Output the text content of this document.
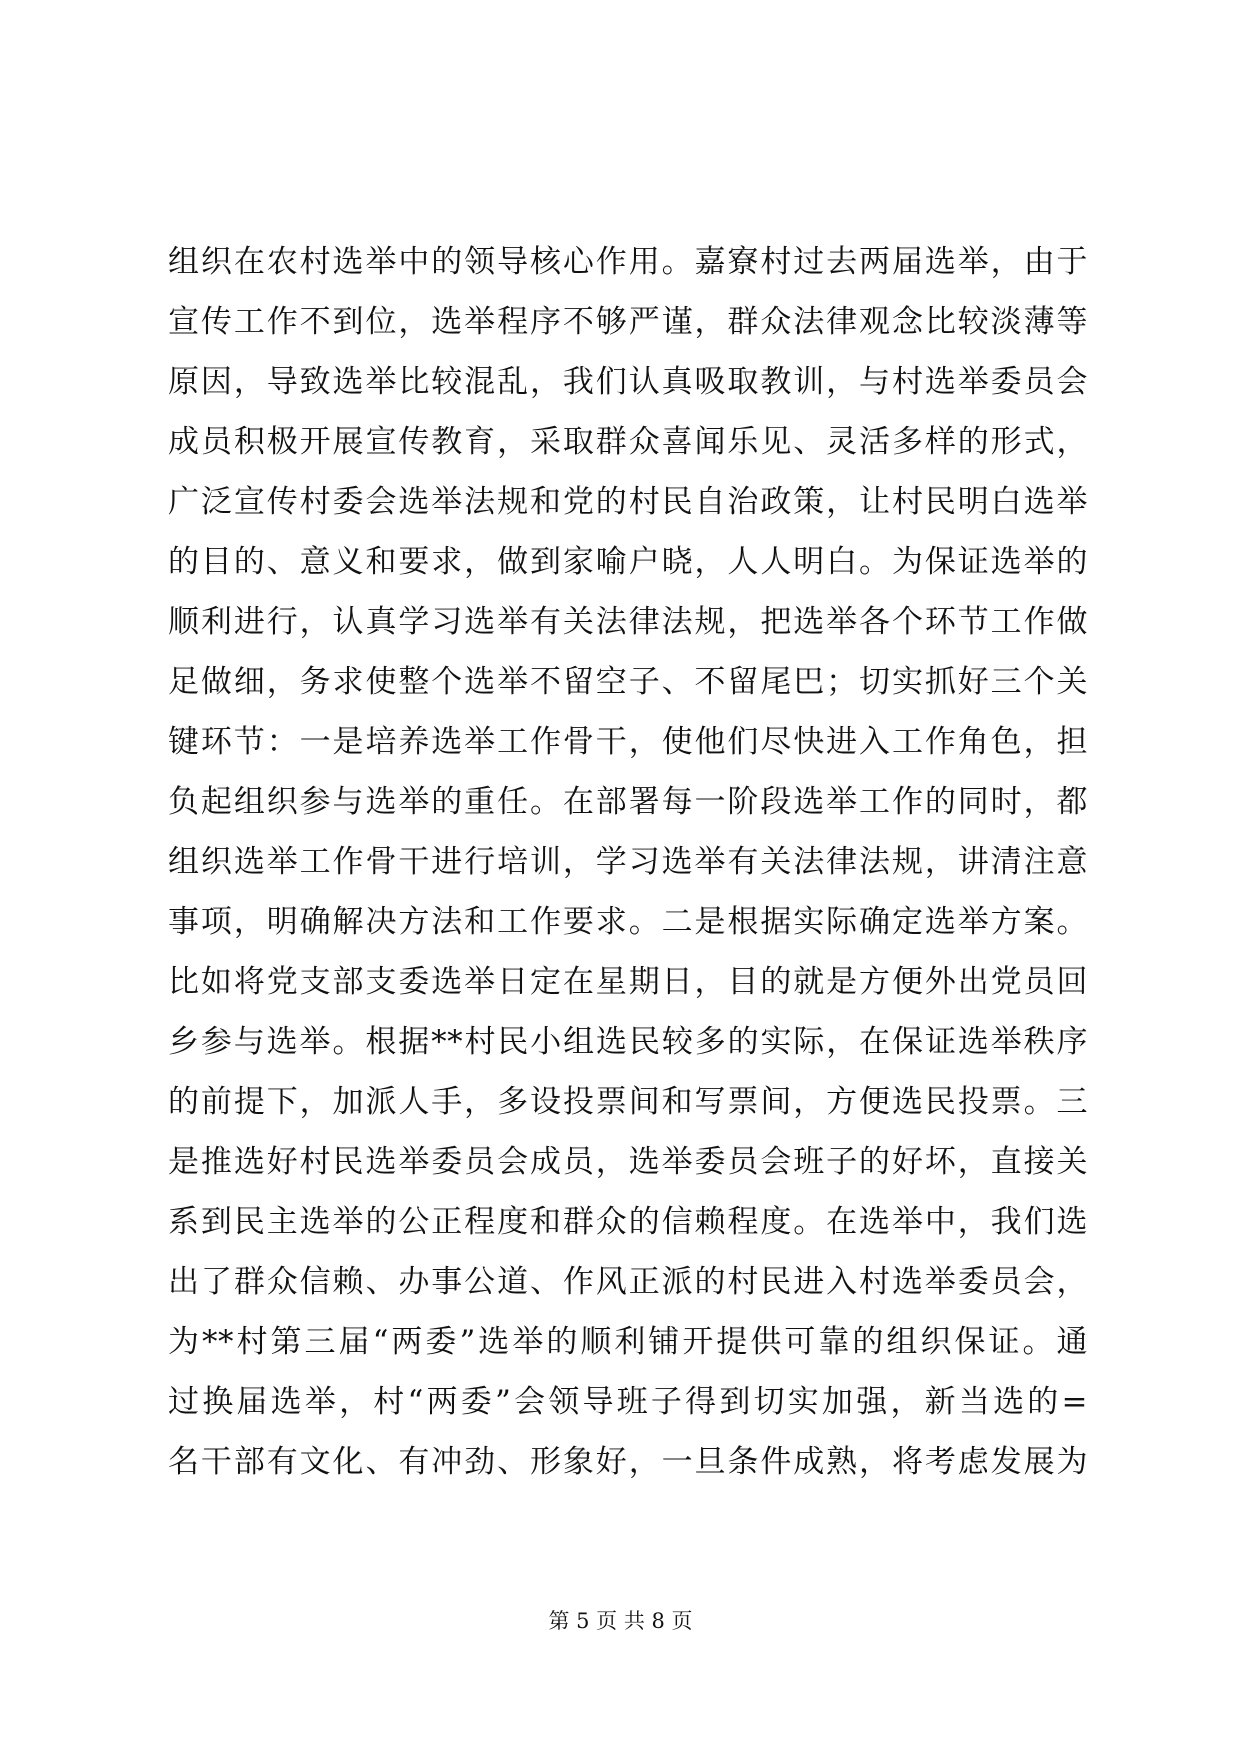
组织在农村选举中的领导核心作用。嘉寮村过去两届选举，由于
宣传工作不到位，选举程序不够严谨，群众法律观念比较淡薄等
原因，导致选举比较混乱，我们认真吸取教训，与村选举委员会
成员积极开展宣传教育，采取群众喜闻乐见、灵活多样的形式，
广泛宣传村委会选举法规和党的村民自治政策，让村民明白选举
的目的、意义和要求，做到家喻户晓，人人明白。为保证选举的
顺利进行，认真学习选举有关法律法规，把选举各个环节工作做
足做细，务求使整个选举不留空子、不留尾巴；切实抓好三个关
键环节：一是培养选举工作骨干，使他们尽快进入工作角色，担
负起组织参与选举的重任。在部署每一阶段选举工作的同时，都
组织选举工作骨干进行培训，学习选举有关法律法规，讲清注意
事项，明确解决方法和工作要求。二是根据实际确定选举方案。
比如将党支部支委选举日定在星期日，目的就是方便外出党员回
乡参与选举。根据**村民小组选民较多的实际，在保证选举秩序
的前提下，加派人手，多设投票间和写票间，方便选民投票。三
是推选好村民选举委员会成员，选举委员会班子的好坏，直接关
系到民主选举的公正程度和群众的信赖程度。在选举中，我们选
出了群众信赖、办事公道、作风正派的村民进入村选举委员会，
为**村第三届“两委”选举的顺利铺开提供可靠的组织保证。通
过换届选举，村“两委”会领导班子得到切实加强，新当选的=
名干部有文化、有冲劲、形象好，一旦条件成熟，将考虑发展为
第 5 页 共 8 页
